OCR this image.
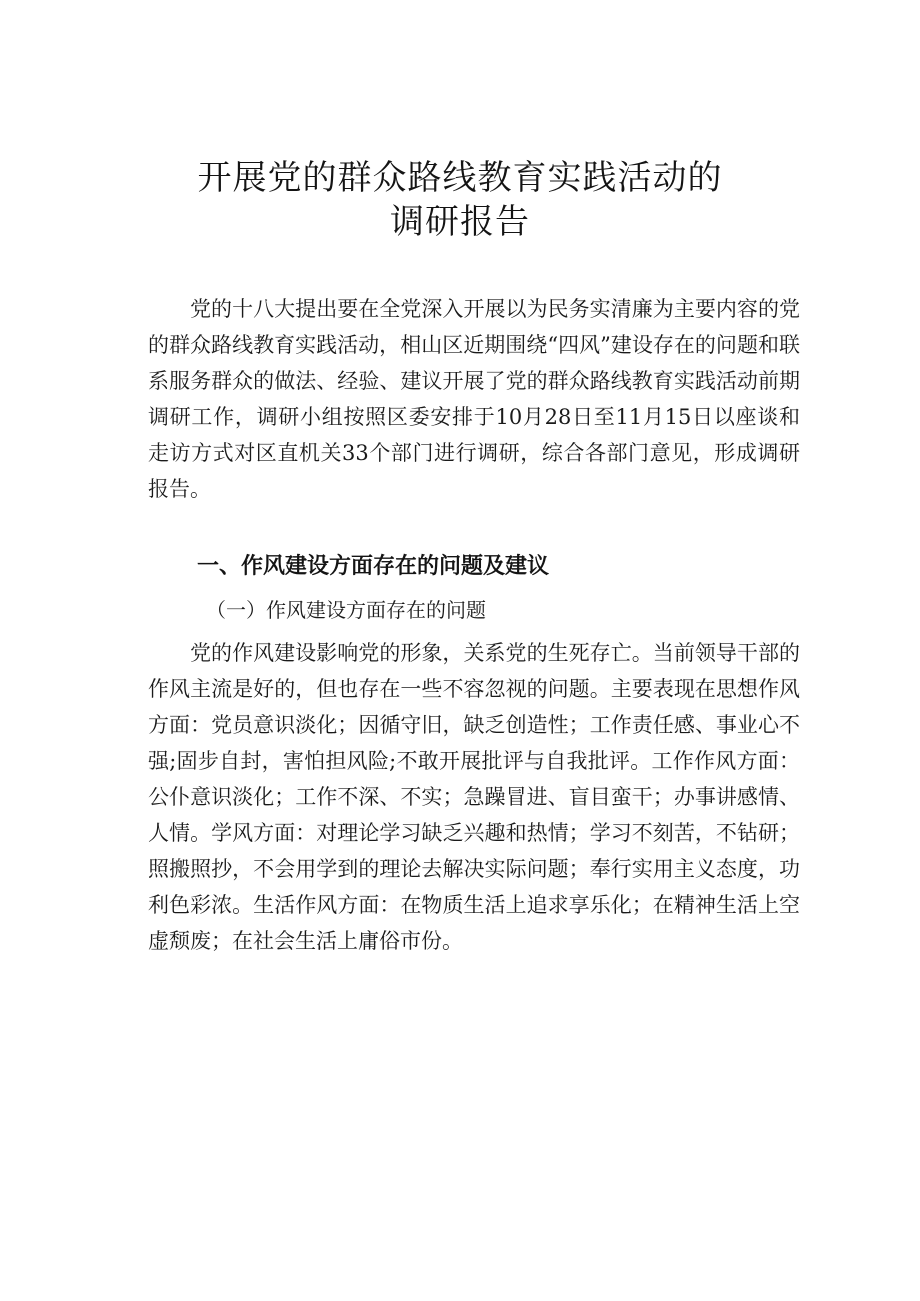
开展党的群众路线教育实践活动的
调研报告

党的十八大提出要在全党深入开展以为民务实清廉为主要内容的党的群众路线教育实践活动，相山区近期围绕“四风”建设存在的问题和联系服务群众的做法、经验、建议开展了党的群众路线教育实践活动前期调研工作，调研小组按照区委安排于10月28日至11月15日以座谈和走访方式对区直机关33个部门进行调研，综合各部门意见，形成调研报告。

一、作风建设方面存在的问题及建议
（一）作风建设方面存在的问题

党的作风建设影响党的形象，关系党的生死存亡。当前领导干部的作风主流是好的，但也存在一些不容忽视的问题。主要表现在思想作风方面：党员意识淡化；因循守旧，缺乏创造性；工作责任感、事业心不强;固步自封，害怕担风险;不敢开展批评与自我批评。工作作风方面：公仆意识淡化；工作不深、不实；急躁冒进、盲目蛮干；办事讲感情、人情。学风方面：对理论学习缺乏兴趣和热情；学习不刻苦，不钻研；照搬照抄，不会用学到的理论去解决实际问题；奉行实用主义态度，功利色彩浓。生活作风方面：在物质生活上追求享乐化；在精神生活上空虚颓废；在社会生活上庸俗市份。
